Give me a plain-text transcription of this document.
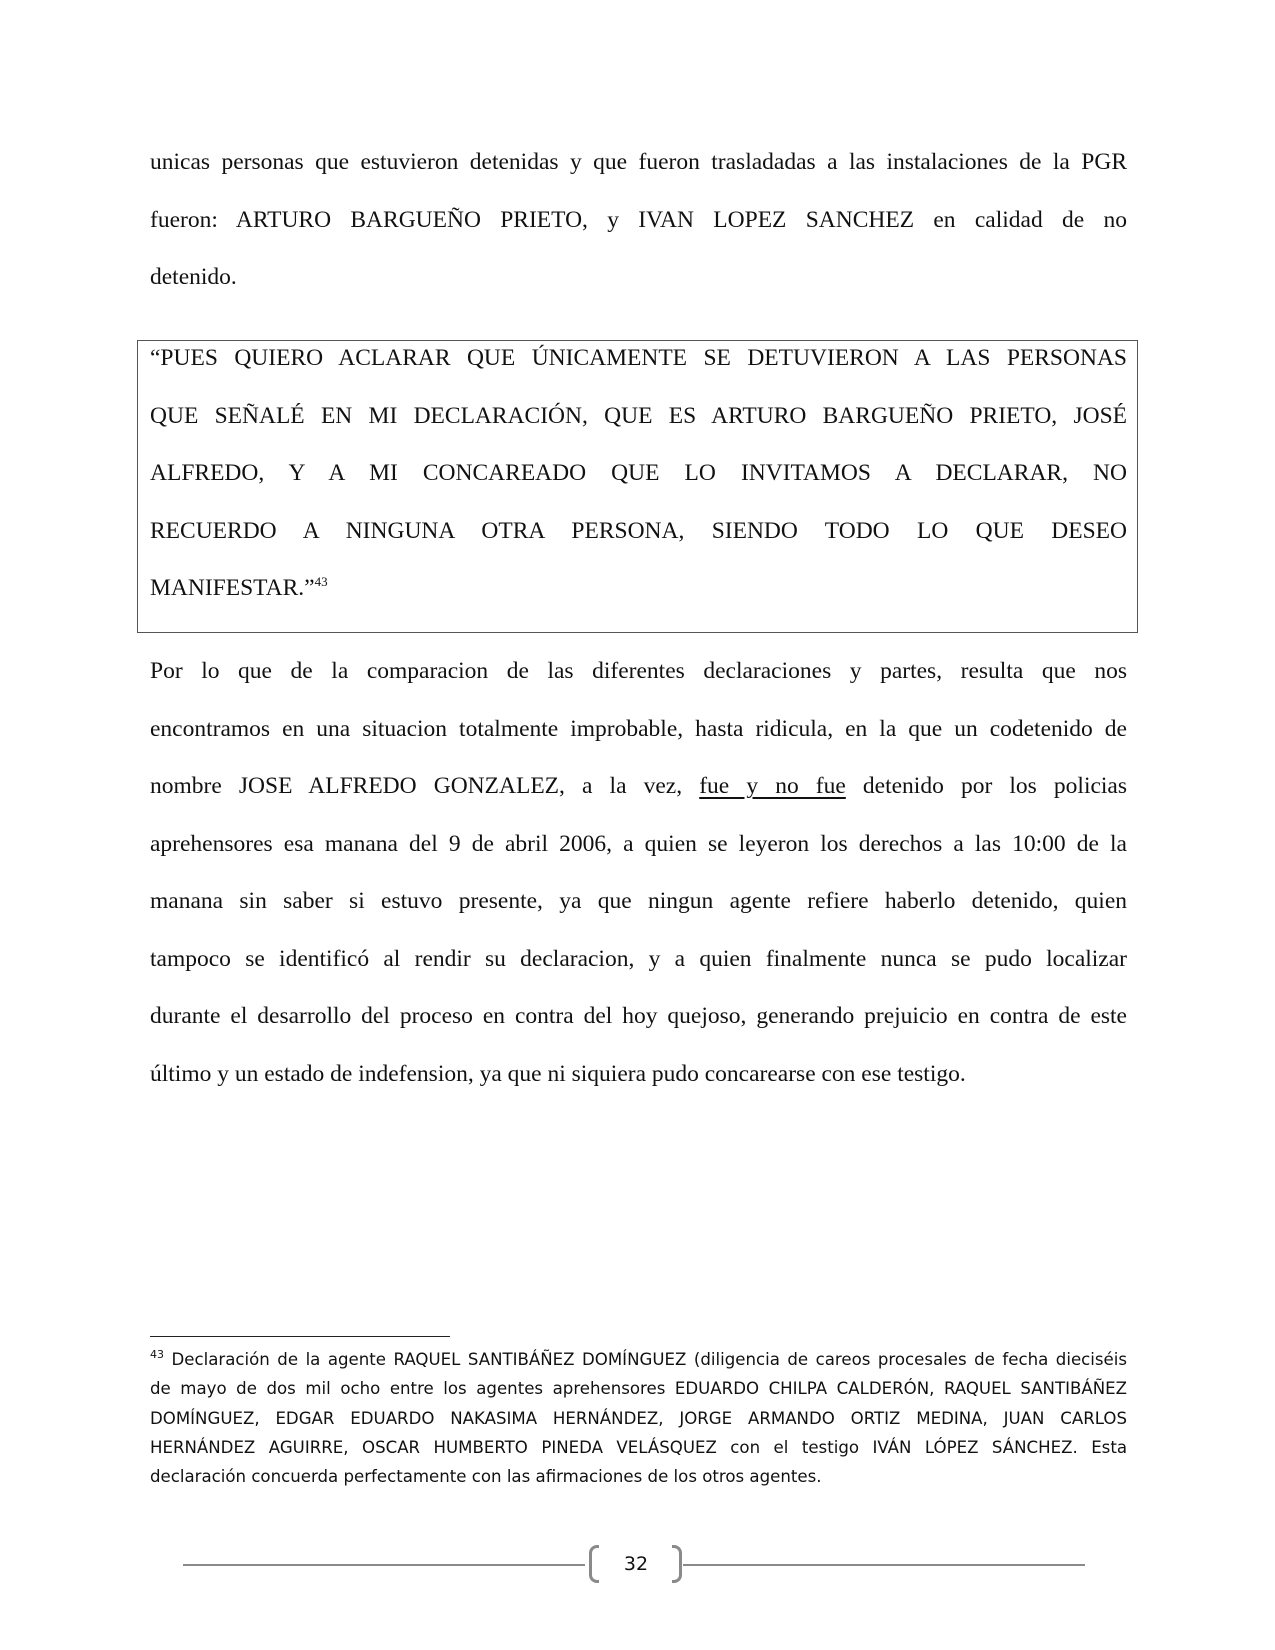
unicas personas que estuvieron detenidas y que fueron trasladadas a las instalaciones de la PGR
fueron: ARTURO BARGUEÑO PRIETO, y IVAN LOPEZ SANCHEZ en calidad de no
detenido.
“PUES QUIERO ACLARAR QUE ÚNICAMENTE SE DETUVIERON A LAS PERSONAS
QUE SEÑALÉ EN MI DECLARACIÓN, QUE ES ARTURO BARGUEÑO PRIETO, JOSÉ
ALFREDO, Y A MI CONCAREADO QUE LO INVITAMOS A DECLARAR, NO
RECUERDO A NINGUNA OTRA PERSONA, SIENDO TODO LO QUE DESEO
MANIFESTAR.”$^{43}$
Por lo que de la comparacion de las diferentes declaraciones y partes, resulta que nos
encontramos en una situacion totalmente improbable, hasta ridicula, en la que un codetenido de
nombre JOSE ALFREDO GONZALEZ, a la vez, fue y no fue detenido por los policias
aprehensores esa manana del 9 de abril 2006, a quien se leyeron los derechos a las 10:00 de la
manana sin saber si estuvo presente, ya que ningun agente refiere haberlo detenido, quien
tampoco se identificó al rendir su declaracion, y a quien finalmente nunca se pudo localizar
durante el desarrollo del proceso en contra del hoy quejoso, generando prejuicio en contra de este
último y un estado de indefension, ya que ni siquiera pudo concarearse con ese testigo.
$^{43}$ Declaración de la agente RAQUEL SANTIBÁÑEZ DOMÍNGUEZ (diligencia de careos procesales de fecha dieciséis
de mayo de dos mil ocho entre los agentes aprehensores EDUARDO CHILPA CALDERÓN, RAQUEL SANTIBÁÑEZ
DOMÍNGUEZ, EDGAR EDUARDO NAKASIMA HERNÁNDEZ, JORGE ARMANDO ORTIZ MEDINA, JUAN CARLOS
HERNÁNDEZ AGUIRRE, OSCAR HUMBERTO PINEDA VELÁSQUEZ con el testigo IVÁN LÓPEZ SÁNCHEZ. Esta
declaración concuerda perfectamente con las afirmaciones de los otros agentes.
32
